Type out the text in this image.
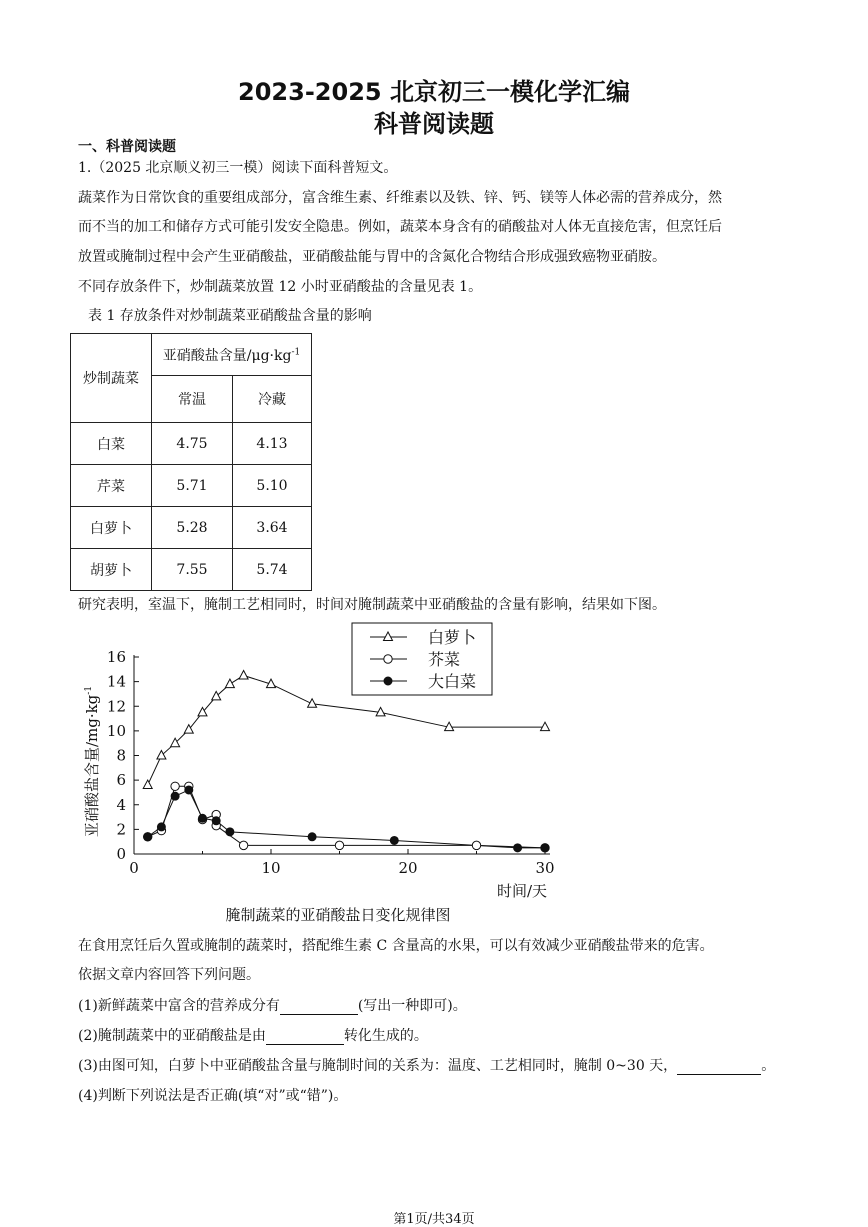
2023-2025 北京初三一模化学汇编
科普阅读题
一、科普阅读题
1.（2025 北京顺义初三一模）阅读下面科普短文。
蔬菜作为日常饮食的重要组成部分，富含维生素、纤维素以及铁、锌、钙、镁等人体必需的营养成分，然
而不当的加工和储存方式可能引发安全隐患。例如，蔬菜本身含有的硝酸盐对人体无直接危害，但烹饪后
放置或腌制过程中会产生亚硝酸盐，亚硝酸盐能与胃中的含氮化合物结合形成强致癌物亚硝胺。
不同存放条件下，炒制蔬菜放置 12 小时亚硝酸盐的含量见表 1。
表 1 存放条件对炒制蔬菜亚硝酸盐含量的影响
炒制蔬菜	亚硝酸盐含量$/\mu g\cdot kg^{-1}$
	常温	冷藏
白菜	4.75	4.13
芹菜	5.71	5.10
白萝卜	5.28	3.64
胡萝卜	7.55	5.74
研究表明，室温下，腌制工艺相同时，时间对腌制蔬菜中亚硝酸盐的含量有影响，结果如下图。
0
2
4
6
8
10
12
14
16
0	10	20	30
时间/天
亚硝酸盐含量$/mg\cdot kg^{-1}$
腌制蔬菜的亚硝酸盐日变化规律图
白萝卜
芥菜
大白菜
在食用烹饪后久置或腌制的蔬菜时，搭配维生素 C 含量高的水果，可以有效减少亚硝酸盐带来的危害。
依据文章内容回答下列问题。
(1)新鲜蔬菜中富含的营养成分有	(写出一种即可)。
(2)腌制蔬菜中的亚硝酸盐是由	转化生成的。
(3)由图可知，白萝卜中亚硝酸盐含量与腌制时间的关系为：温度、工艺相同时，腌制 0~30 天，	。
(4)判断下列说法是否正确(填“对”或“错”)。
第1页/共34页
